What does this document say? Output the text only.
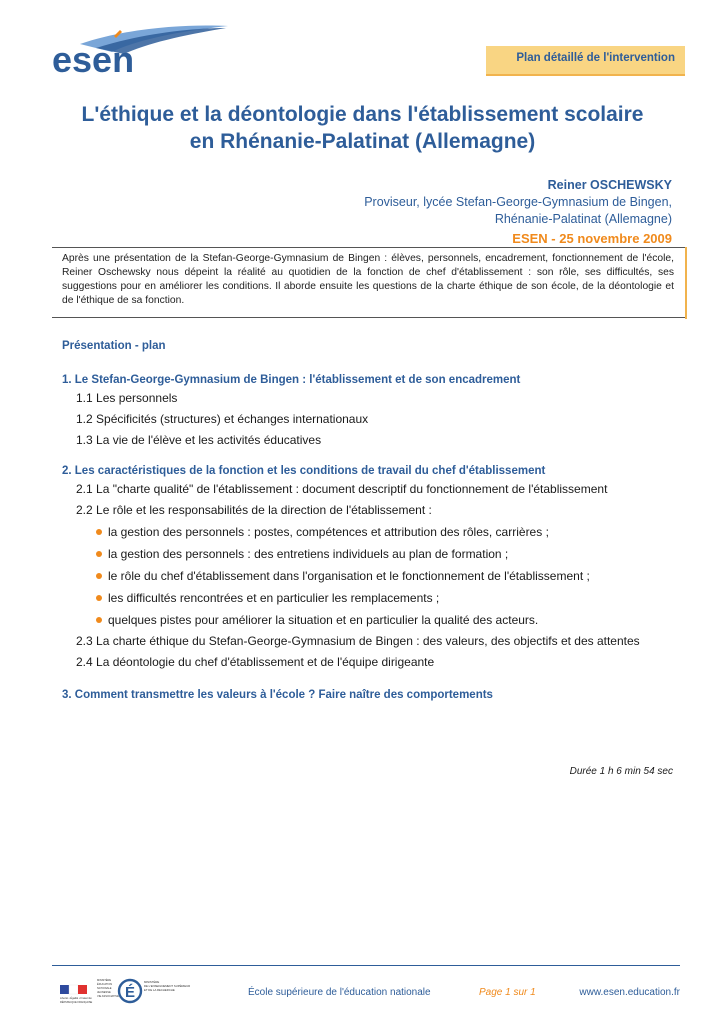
esen	Plan détaillé de l'intervention
L'éthique et la déontologie dans l'établissement scolaire
en Rhénanie-Palatinat (Allemagne)
Reiner OSCHEWSKY
Proviseur, lycée Stefan-George-Gymnasium de Bingen,
Rhénanie-Palatinat (Allemagne)
ESEN - 25 novembre 2009
Après une présentation de la Stefan-George-Gymnasium de Bingen : élèves, personnels, encadrement, fonctionnement de l'école, Reiner Oschewsky nous dépeint la réalité au quotidien de la fonction de chef d'établissement : son rôle, ses difficultés, ses suggestions pour en améliorer les conditions. Il aborde ensuite les questions de la charte éthique de son école, de la déontologie et de l'éthique de sa fonction.
Présentation - plan
1. Le Stefan-George-Gymnasium de Bingen : l'établissement et de son encadrement
1.1 Les personnels
1.2 Spécificités (structures) et échanges internationaux
1.3 La vie de l'élève et les activités éducatives
2. Les caractéristiques de la fonction et les conditions de travail du chef d'établissement
2.1 La "charte qualité" de l'établissement : document descriptif du fonctionnement de l'établissement
2.2 Le rôle et les responsabilités de la direction de l'établissement :
la gestion des personnels : postes, compétences et attribution des rôles, carrières ;
la gestion des personnels : des entretiens individuels au plan de formation ;
le rôle du chef d'établissement dans l'organisation et le fonctionnement de l'établissement ;
les difficultés rencontrées et en particulier les remplacements ;
quelques pistes pour améliorer la situation et en particulier la qualité des acteurs.
2.3 La charte éthique du Stefan-George-Gymnasium de Bingen : des valeurs, des objectifs et des attentes
2.4 La déontologie du chef d'établissement et de l'équipe dirigeante
3. Comment transmettre les valeurs à l'école ? Faire naître des comportements
Durée 1 h 6 min 54 sec
Liberté • Égalité • Fraternité
RÉPUBLIQUE FRANÇAISE
MINISTÈRE
ÉDUCATION
NATIONALE
JEUNESSE
VIE ASSOCIATIVE É
MINISTÈRE
DE L'ENSEIGNEMENT SUPÉRIEUR
ET DE LA RECHERCHE	École supérieure de l'éducation nationale	Page 1 sur 1	www.esen.education.fr
